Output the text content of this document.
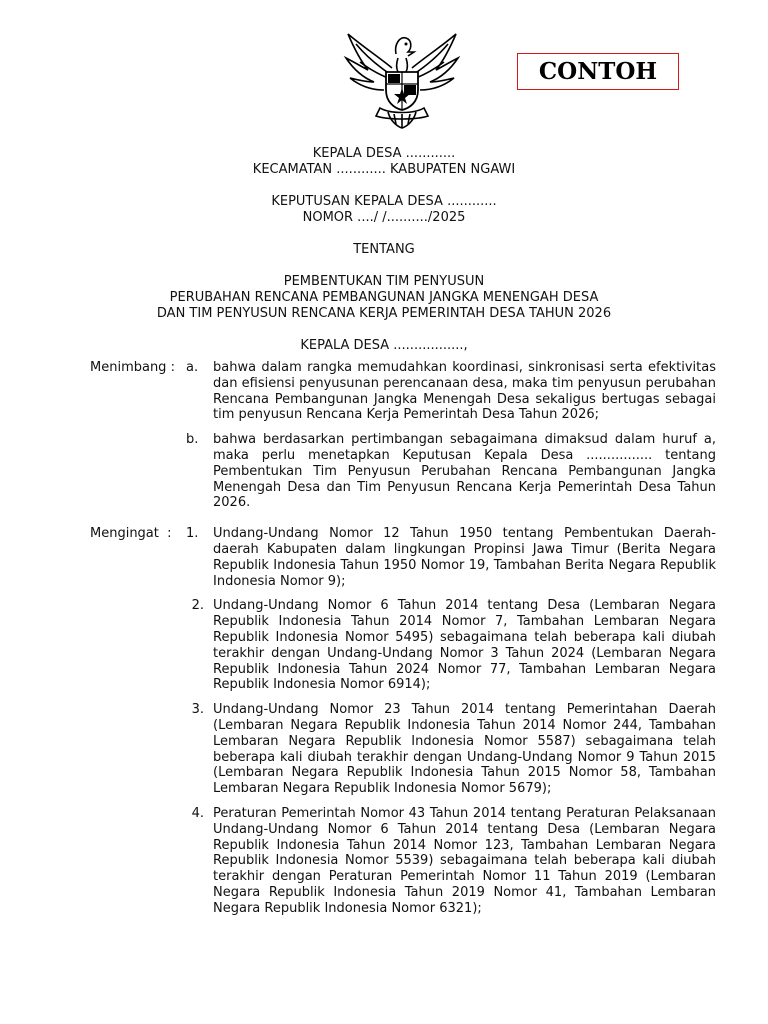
CONTOH
KEPALA DESA ............
KECAMATAN ............ KABUPATEN NGAWI
KEPUTUSAN KEPALA DESA ............
NOMOR ..../ /........../2025
TENTANG
PEMBENTUKAN TIM PENYUSUN
PERUBAHAN RENCANA PEMBANGUNAN JANGKA MENENGAH DESA
DAN TIM PENYUSUN RENCANA KERJA PEMERINTAH DESA TAHUN 2026
KEPALA DESA .................,
Menimbang : a.	bahwa dalam rangka memudahkan koordinasi, sinkronisasi serta efektivitas dan efisiensi penyusunan perencanaan desa, maka tim penyusun perubahan Rencana Pembangunan Jangka Menengah Desa sekaligus bertugas sebagai tim penyusun Rencana Kerja Pemerintah Desa Tahun 2026;
b.	bahwa berdasarkan pertimbangan sebagaimana dimaksud dalam huruf a, maka perlu menetapkan Keputusan Kepala Desa ................ tentang Pembentukan Tim Penyusun Perubahan Rencana Pembangunan Jangka Menengah Desa dan Tim Penyusun Rencana Kerja Pemerintah Desa Tahun 2026.
Mengingat  :	1.	Undang-Undang Nomor 12 Tahun 1950 tentang Pembentukan Daerah-daerah Kabupaten dalam lingkungan Propinsi Jawa Timur (Berita Negara Republik Indonesia Tahun 1950 Nomor 19, Tambahan Berita Negara Republik Indonesia Nomor 9);
2. Undang-Undang Nomor 6 Tahun 2014 tentang Desa (Lembaran Negara Republik Indonesia Tahun 2014 Nomor 7, Tambahan Lembaran Negara Republik Indonesia Nomor 5495) sebagaimana telah beberapa kali diubah terakhir dengan Undang-Undang Nomor 3 Tahun 2024 (Lembaran Negara Republik Indonesia Tahun 2024 Nomor 77, Tambahan Lembaran Negara Republik Indonesia Nomor 6914);
3. Undang-Undang Nomor 23 Tahun 2014 tentang Pemerintahan Daerah (Lembaran Negara Republik Indonesia Tahun 2014 Nomor 244, Tambahan Lembaran Negara Republik Indonesia Nomor 5587) sebagaimana telah beberapa kali diubah terakhir dengan Undang-Undang Nomor 9 Tahun 2015 (Lembaran Negara Republik Indonesia Tahun 2015 Nomor 58, Tambahan Lembaran Negara Republik Indonesia Nomor 5679);
4. Peraturan Pemerintah Nomor 43 Tahun 2014 tentang Peraturan Pelaksanaan Undang-Undang Nomor 6 Tahun 2014 tentang Desa (Lembaran Negara Republik Indonesia Tahun 2014 Nomor 123, Tambahan Lembaran Negara Republik Indonesia Nomor 5539) sebagaimana telah beberapa kali diubah terakhir dengan Peraturan Pemerintah Nomor 11 Tahun 2019 (Lembaran Negara Republik Indonesia Tahun 2019 Nomor 41, Tambahan Lembaran Negara Republik Indonesia Nomor 6321);
